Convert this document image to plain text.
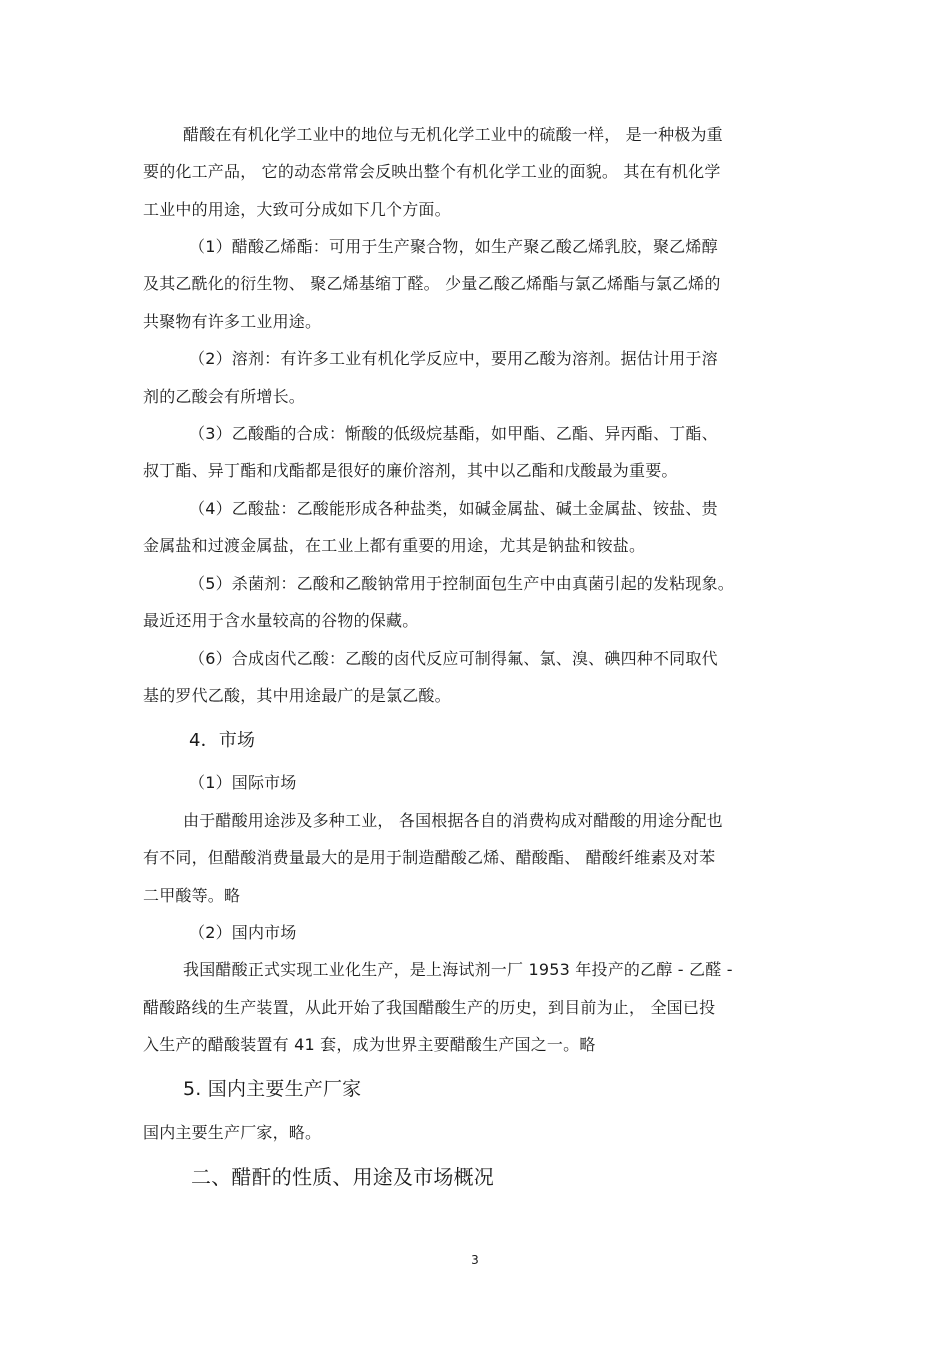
醋酸在有机化学工业中的地位与无机化学工业中的硫酸一样， 是一种极为重
要的化工产品， 它的动态常常会反映出整个有机化学工业的面貌。 其在有机化学
工业中的用途，大致可分成如下几个方面。
（1）醋酸乙烯酯：可用于生产聚合物，如生产聚乙酸乙烯乳胶，聚乙烯醇
及其乙酰化的衍生物、 聚乙烯基缩丁醛。 少量乙酸乙烯酯与氯乙烯酯与氯乙烯的
共聚物有许多工业用途。
（2）溶剂：有许多工业有机化学反应中，要用乙酸为溶剂。据估计用于溶
剂的乙酸会有所增长。
（3）乙酸酯的合成：惭酸的低级烷基酯，如甲酯、乙酯、异丙酯、丁酯、
叔丁酯、异丁酯和戊酯都是很好的廉价溶剂，其中以乙酯和戊酸最为重要。
（4）乙酸盐：乙酸能形成各种盐类，如碱金属盐、碱土金属盐、铵盐、贵
金属盐和过渡金属盐，在工业上都有重要的用途，尤其是钠盐和铵盐。
（5）杀菌剂：乙酸和乙酸钠常用于控制面包生产中由真菌引起的发粘现象。
最近还用于含水量较高的谷物的保藏。
（6）合成卤代乙酸：乙酸的卤代反应可制得氟、氯、溴、碘四种不同取代
基的罗代乙酸，其中用途最广的是氯乙酸。
4．市场
（1）国际市场
由于醋酸用途涉及多种工业， 各国根据各自的消费构成对醋酸的用途分配也
有不同，但醋酸消费量最大的是用于制造醋酸乙烯、醋酸酯、 醋酸纤维素及对苯
二甲酸等。略
（2）国内市场
我国醋酸正式实现工业化生产，是上海试剂一厂 1953 年投产的乙醇 - 乙醛 -
醋酸路线的生产装置，从此开始了我国醋酸生产的历史，到目前为止， 全国已投
入生产的醋酸装置有 41 套，成为世界主要醋酸生产国之一。略
5. 国内主要生产厂家
国内主要生产厂家，略。
二、醋酐的性质、用途及市场概况
3
